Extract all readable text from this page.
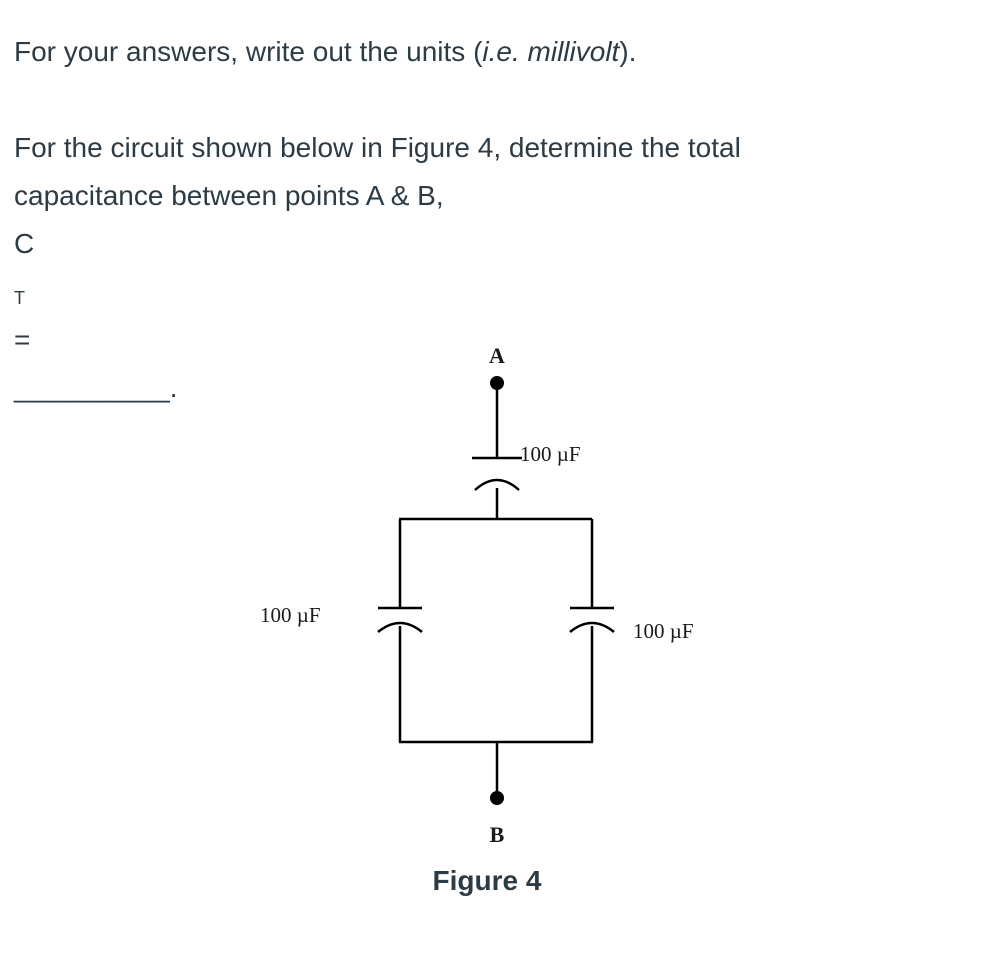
For your answers, write out the units (i.e. millivolt).

For the circuit shown below in Figure 4, determine the total
capacitance between points A & B,
C
T
=
__________.
A
100 µF
100 µF
100 µF
B
Figure 4
